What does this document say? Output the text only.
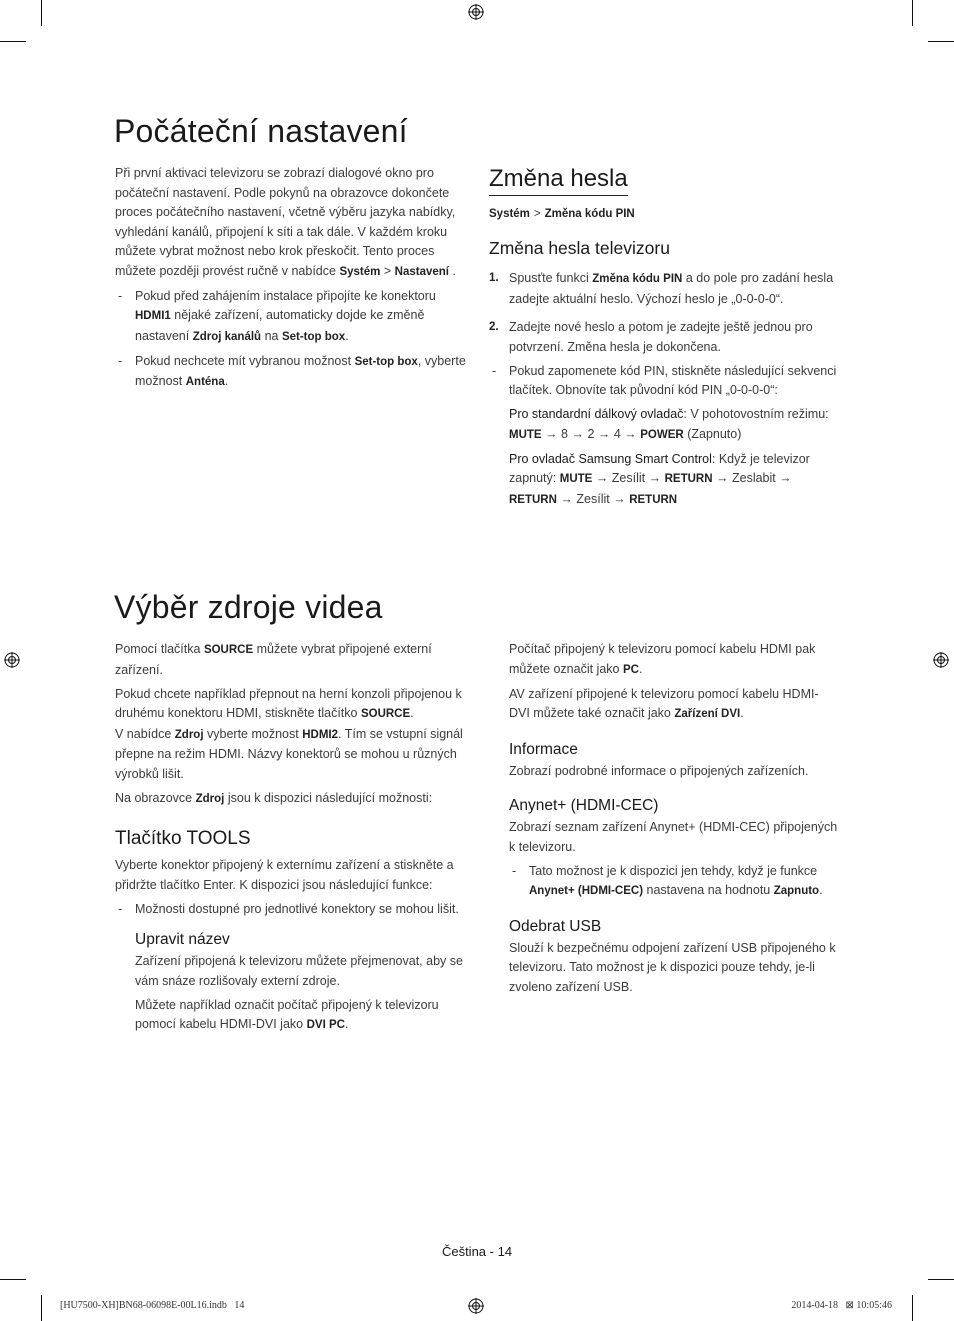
Počáteční nastavení

Při první aktivaci televizoru se zobrazí dialogové okno pro počáteční nastavení. Podle pokynů na obrazovce dokončete proces počátečního nastavení, včetně výběru jazyka nabídky, vyhledání kanálů, připojení k síti a tak dále. V každém kroku můžete vybrat možnost nebo krok přeskočit. Tento proces můžete později provést ručně v nabídce Systém > Nastavení .

- Pokud před zahájením instalace připojíte ke konektoru HDMI1 nějaké zařízení, automaticky dojde ke změně nastavení Zdroj kanálů na Set-top box.

- Pokud nechcete mít vybranou možnost Set-top box, vyberte možnost Anténa.

Změna hesla
Systém > Změna kódu PIN
Změna hesla televizoru

1. Spusťte funkci Změna kódu PIN a do pole pro zadání hesla zadejte aktuální heslo. Výchozí heslo je „0-0-0-0“.

2. Zadejte nové heslo a potom je zadejte ještě jednou pro potvrzení. Změna hesla je dokončena.

- Pokud zapomenete kód PIN, stiskněte následující sekvenci tlačítek. Obnovíte tak původní kód PIN „0-0-0-0“:

Pro standardní dálkový ovladač: V pohotovostním režimu: MUTE → 8 → 2 → 4 → POWER (Zapnuto)

Pro ovladač Samsung Smart Control: Když je televizor zapnutý: MUTE → Zesílit → RETURN → Zeslabit → RETURN → Zesílit → RETURN

Výběr zdroje videa

Pomocí tlačítka SOURCE můžete vybrat připojené externí zařízení.

Pokud chcete například přepnout na herní konzoli připojenou k druhému konektoru HDMI, stiskněte tlačítko SOURCE.
V nabídce Zdroj vyberte možnost HDMI2. Tím se vstupní signál přepne na režim HDMI. Názvy konektorů se mohou u různých výrobků lišit.

Na obrazovce Zdroj jsou k dispozici následující možnosti:

Tlačítko TOOLS

Vyberte konektor připojený k externímu zařízení a stiskněte a přidržte tlačítko Enter. K dispozici jsou následující funkce:

- Možnosti dostupné pro jednotlivé konektory se mohou lišit.

Upravit název

Zařízení připojená k televizoru můžete přejmenovat, aby se vám snáze rozlišovaly externí zdroje.

Můžete například označit počítač připojený k televizoru pomocí kabelu HDMI-DVI jako DVI PC.

Počítač připojený k televizoru pomocí kabelu HDMI pak můžete označit jako PC.

AV zařízení připojené k televizoru pomocí kabelu HDMI-DVI můžete také označit jako Zařízení DVI.

Informace

Zobrazí podrobné informace o připojených zařízeních.

Anynet+ (HDMI-CEC)

Zobrazí seznam zařízení Anynet+ (HDMI-CEC) připojených k televizoru.

- Tato možnost je k dispozici jen tehdy, když je funkce Anynet+ (HDMI-CEC) nastavena na hodnotu Zapnuto.

Odebrat USB

Slouží k bezpečnému odpojení zařízení USB připojeného k televizoru. Tato možnost je k dispozici pouze tehdy, je-li zvoleno zařízení USB.

Čeština - 14
[HU7500-XH]BN68-06098E-00L16.indb   14	2014-04-18   ⊠ 10:05:46
